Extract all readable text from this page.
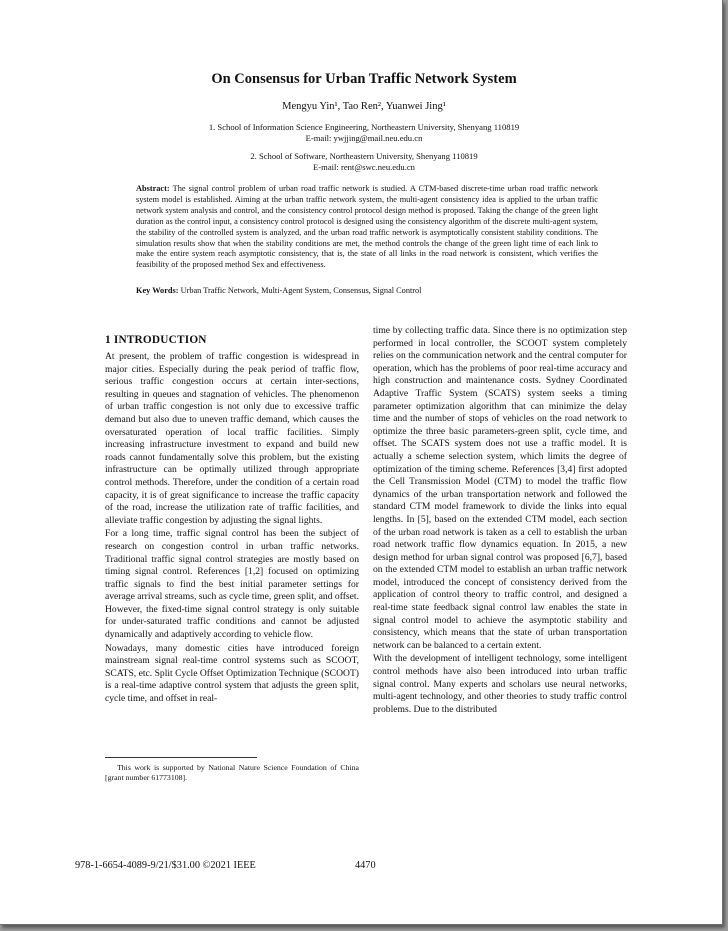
On Consensus for Urban Traffic Network System
Mengyu Yin¹, Tao Ren², Yuanwei Jing¹
1. School of Information Science Engineering, Northeastern University, Shenyang 110819
E-mail: ywjjing@mail.neu.edu.cn
2. School of Software, Northeastern University, Shenyang 110819
E-mail: rent@swc.neu.edu.cn
Abstract: The signal control problem of urban road traffic network is studied. A CTM-based discrete-time urban road traffic network system model is established. Aiming at the urban traffic network system, the multi-agent consistency idea is applied to the urban traffic network system analysis and control, and the consistency control protocol design method is proposed. Taking the change of the green light duration as the control input, a consistency control protocol is designed using the consistency algorithm of the discrete multi-agent system, the stability of the controlled system is analyzed, and the urban road traffic network is asymptotically consistent stability conditions. The simulation results show that when the stability conditions are met, the method controls the change of the green light time of each link to make the entire system reach asymptotic consistency, that is, the state of all links in the road network is consistent, which verifies the feasibility of the proposed method Sex and effectiveness.
Key Words: Urban Traffic Network, Multi-Agent System, Consensus, Signal Control
1 INTRODUCTION

At present, the problem of traffic congestion is widespread in major cities. Especially during the peak period of traffic flow, serious traffic congestion occurs at certain inter-sections, resulting in queues and stagnation of vehicles. The phenomenon of urban traffic congestion is not only due to excessive traffic demand but also due to uneven traffic demand, which causes the oversaturated operation of local traffic facilities. Simply increasing infrastructure investment to expand and build new roads cannot fundamentally solve this problem, but the existing infrastructure can be optimally utilized through appropriate control methods. Therefore, under the condition of a certain road capacity, it is of great significance to increase the traffic capacity of the road, increase the utilization rate of traffic facilities, and alleviate traffic congestion by adjusting the signal lights.

For a long time, traffic signal control has been the subject of research on congestion control in urban traffic networks. Traditional traffic signal control strategies are mostly based on timing signal control. References [1,2] focused on optimizing traffic signals to find the best initial parameter settings for average arrival streams, such as cycle time, green split, and offset. However, the fixed-time signal control strategy is only suitable for under-saturated traffic conditions and cannot be adjusted dynamically and adaptively according to vehicle flow.

Nowadays, many domestic cities have introduced foreign mainstream signal real-time control systems such as SCOOT, SCATS, etc. Split Cycle Offset Optimization Technique (SCOOT) is a real-time adaptive control system that adjusts the green split, cycle time, and offset in real-

time by collecting traffic data. Since there is no optimization step performed in local controller, the SCOOT system completely relies on the communication network and the central computer for operation, which has the problems of poor real-time accuracy and high construction and maintenance costs. Sydney Coordinated Adaptive Traffic System (SCATS) system seeks a timing parameter optimization algorithm that can minimize the delay time and the number of stops of vehicles on the road network to optimize the three basic parameters-green split, cycle time, and offset. The SCATS system does not use a traffic model. It is actually a scheme selection system, which limits the degree of optimization of the timing scheme. References [3,4] first adopted the Cell Transmission Model (CTM) to model the traffic flow dynamics of the urban transportation network and followed the standard CTM model framework to divide the links into equal lengths. In [5], based on the extended CTM model, each section of the urban road network is taken as a cell to establish the urban road network traffic flow dynamics equation. In 2015, a new design method for urban signal control was proposed [6,7], based on the extended CTM model to establish an urban traffic network model, introduced the concept of consistency derived from the application of control theory to traffic control, and designed a real-time state feedback signal control law enables the state in signal control model to achieve the asymptotic stability and consistency, which means that the state of urban transportation network can be balanced to a certain extent.

With the development of intelligent technology, some intelligent control methods have also been introduced into urban traffic signal control. Many experts and scholars use neural networks, multi-agent technology, and other theories to study traffic control problems. Due to the distributed

This work is supported by National Nature Science Foundation of China [grant number 61773108].
978-1-6654-4089-9/21/$31.00 ©2021 IEEE	4470
